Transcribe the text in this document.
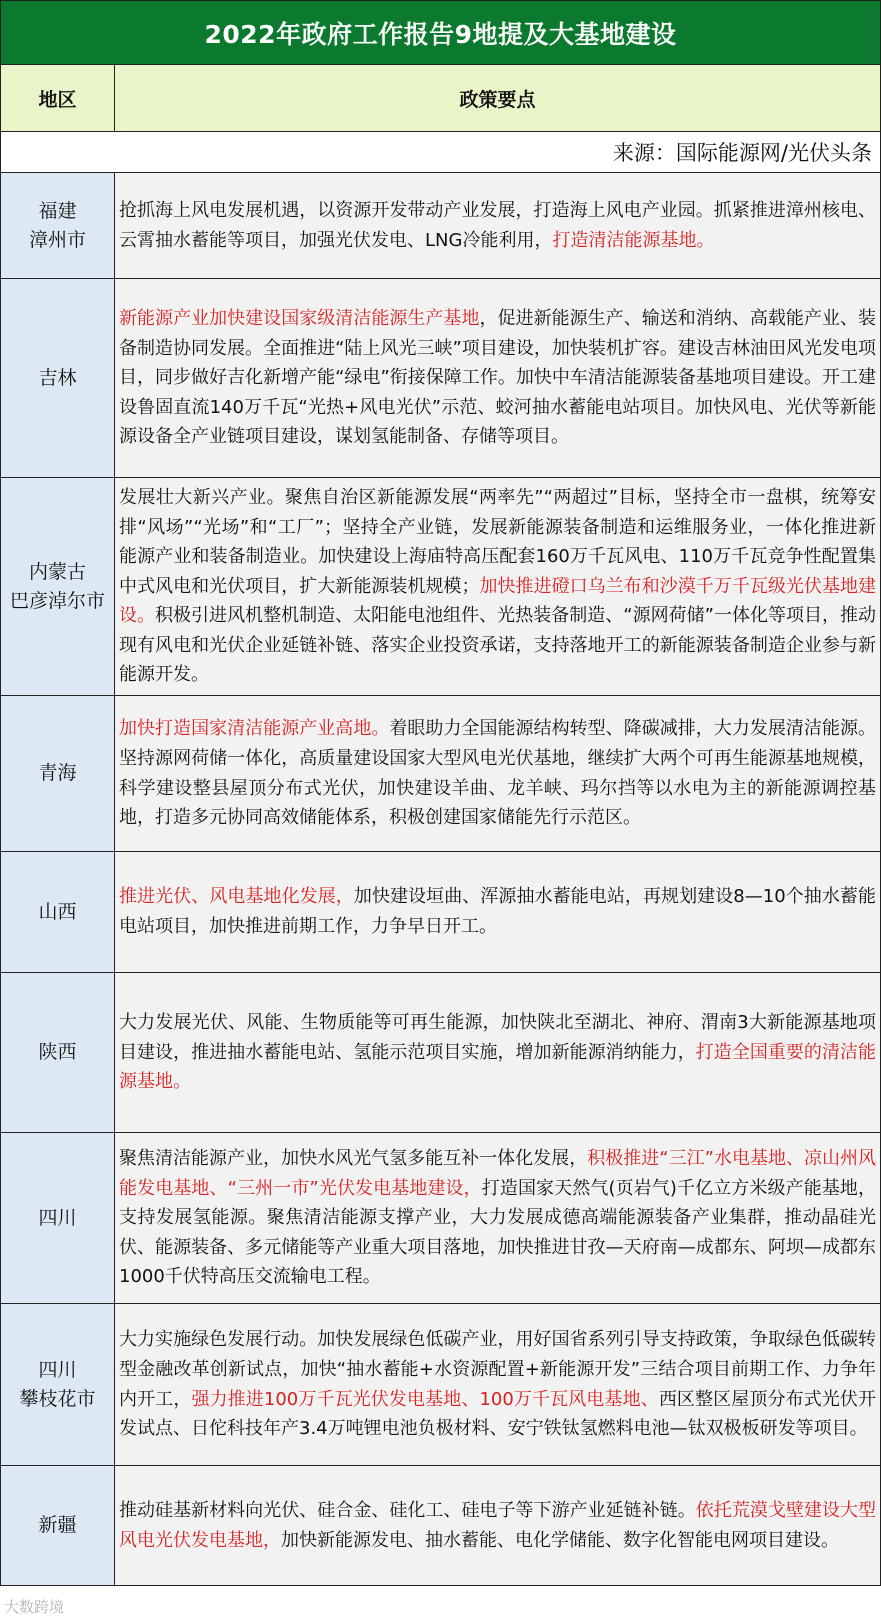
2022年政府工作报告9地提及大基地建设
地区	政策要点
来源：国际能源网/光伏头条
福建
漳州市

抢抓海上风电发展机遇，以资源开发带动产业发展，打造海上风电产业园。抓紧推进漳州核电、云霄抽水蓄能等项目，加强光伏发电、LNG冷能利用，打造清洁能源基地。

吉林

新能源产业加快建设国家级清洁能源生产基地，促进新能源生产、输送和消纳、高载能产业、装备制造协同发展。全面推进“陆上风光三峡”项目建设，加快装机扩容。建设吉林油田风光发电项目，同步做好吉化新增产能“绿电”衔接保障工作。加快中车清洁能源装备基地项目建设。开工建设鲁固直流140万千瓦“光热+风电光伏”示范、蛟河抽水蓄能电站项目。加快风电、光伏等新能源设备全产业链项目建设，谋划氢能制备、存储等项目。

内蒙古
巴彦淖尔市

发展壮大新兴产业。聚焦自治区新能源发展“两率先”“两超过”目标，坚持全市一盘棋，统筹安排“风场”“光场”和“工厂”；坚持全产业链，发展新能源装备制造和运维服务业，一体化推进新能源产业和装备制造业。加快建设上海庙特高压配套160万千瓦风电、110万千瓦竞争性配置集中式风电和光伏项目，扩大新能源装机规模；加快推进磴口乌兰布和沙漠千万千瓦级光伏基地建设。积极引进风机整机制造、太阳能电池组件、光热装备制造、“源网荷储”一体化等项目，推动现有风电和光伏企业延链补链、落实企业投资承诺，支持落地开工的新能源装备制造企业参与新能源开发。

青海

加快打造国家清洁能源产业高地。着眼助力全国能源结构转型、降碳减排，大力发展清洁能源。坚持源网荷储一体化，高质量建设国家大型风电光伏基地，继续扩大两个可再生能源基地规模，科学建设整县屋顶分布式光伏，加快建设羊曲、龙羊峡、玛尔挡等以水电为主的新能源调控基地，打造多元协同高效储能体系，积极创建国家储能先行示范区。

山西

推进光伏、风电基地化发展，加快建设垣曲、浑源抽水蓄能电站，再规划建设8—10个抽水蓄能电站项目，加快推进前期工作，力争早日开工。

陕西

大力发展光伏、风能、生物质能等可再生能源，加快陕北至湖北、神府、渭南3大新能源基地项目建设，推进抽水蓄能电站、氢能示范项目实施，增加新能源消纳能力，打造全国重要的清洁能源基地。

四川

聚焦清洁能源产业，加快水风光气氢多能互补一体化发展，积极推进“三江”水电基地、凉山州风能发电基地、“三州一市”光伏发电基地建设，打造国家天然气(页岩气)千亿立方米级产能基地，支持发展氢能源。聚焦清洁能源支撑产业，大力发展成德高端能源装备产业集群，推动晶硅光伏、能源装备、多元储能等产业重大项目落地，加快推进甘孜—天府南—成都东、阿坝—成都东1000千伏特高压交流输电工程。

四川
攀枝花市

大力实施绿色发展行动。加快发展绿色低碳产业，用好国省系列引导支持政策，争取绿色低碳转型金融改革创新试点，加快“抽水蓄能+水资源配置+新能源开发”三结合项目前期工作、力争年内开工，强力推进100万千瓦光伏发电基地、100万千瓦风电基地、西区整区屋顶分布式光伏开发试点、日佗科技年产3.4万吨锂电池负极材料、安宁铁钛氢燃料电池—钛双极板研发等项目。

新疆

推动硅基新材料向光伏、硅合金、硅化工、硅电子等下游产业延链补链。依托荒漠戈壁建设大型风电光伏发电基地，加快新能源发电、抽水蓄能、电化学储能、数字化智能电网项目建设。

大数跨境
